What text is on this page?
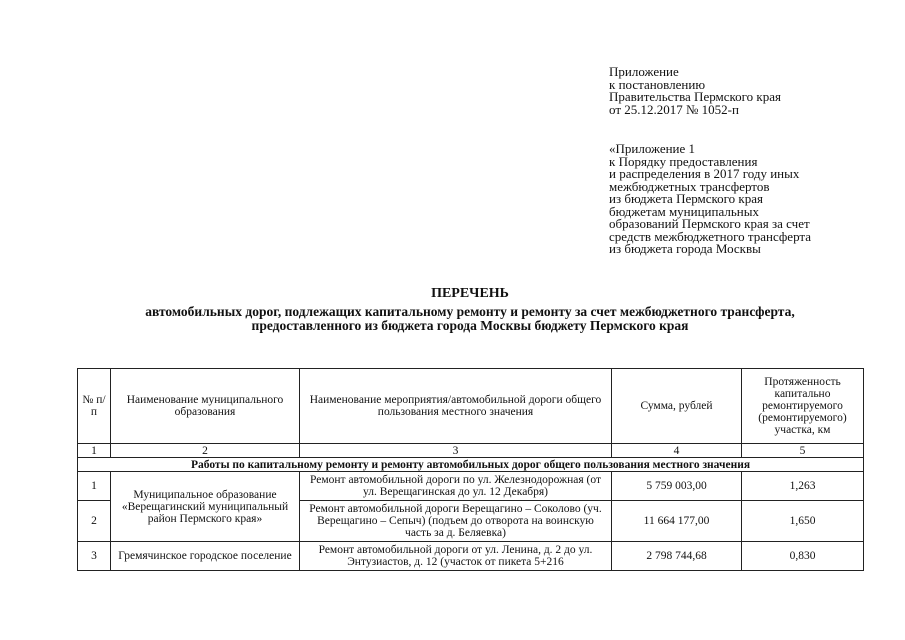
Приложение
к постановлению
Правительства Пермского края
от 25.12.2017 № 1052-п
«Приложение 1
к Порядку предоставления
и распределения в 2017 году иных
межбюджетных трансфертов
из бюджета Пермского края
бюджетам муниципальных
образований Пермского края за счет
средств межбюджетного трансферта
из бюджета города Москвы
ПЕРЕЧЕНЬ
автомобильных дорог, подлежащих капитальному ремонту и ремонту за счет межбюджетного трансферта,
предоставленного из бюджета города Москвы бюджету Пермского края
№ п/п	Наименование муниципального образования	Наименование мероприятия/автомобильной дороги общего пользования местного значения	Сумма, рублей	Протяженность капитально ремонтируемого (ремонтируемого) участка, км
1	2	3	4	5
Работы по капитальному ремонту и ремонту автомобильных дорог общего пользования местного значения				
1	Муниципальное образование «Верещагинский муниципальный район Пермского края»	Ремонт автомобильной дороги по ул. Железнодорожная (от ул. Верещагинская до ул. 12 Декабря)	5 759 003,00	1,263
2		Ремонт автомобильной дороги Верещагино – Соколово (уч. Верещагино – Сепыч) (подъем до отворота на воинскую часть за д. Беляевка)	11 664 177,00	1,650
3	Гремячинское городское поселение	Ремонт автомобильной дороги от ул. Ленина, д. 2 до ул. Энтузиастов, д. 12 (участок от пикета 5+216	2 798 744,68	0,830
